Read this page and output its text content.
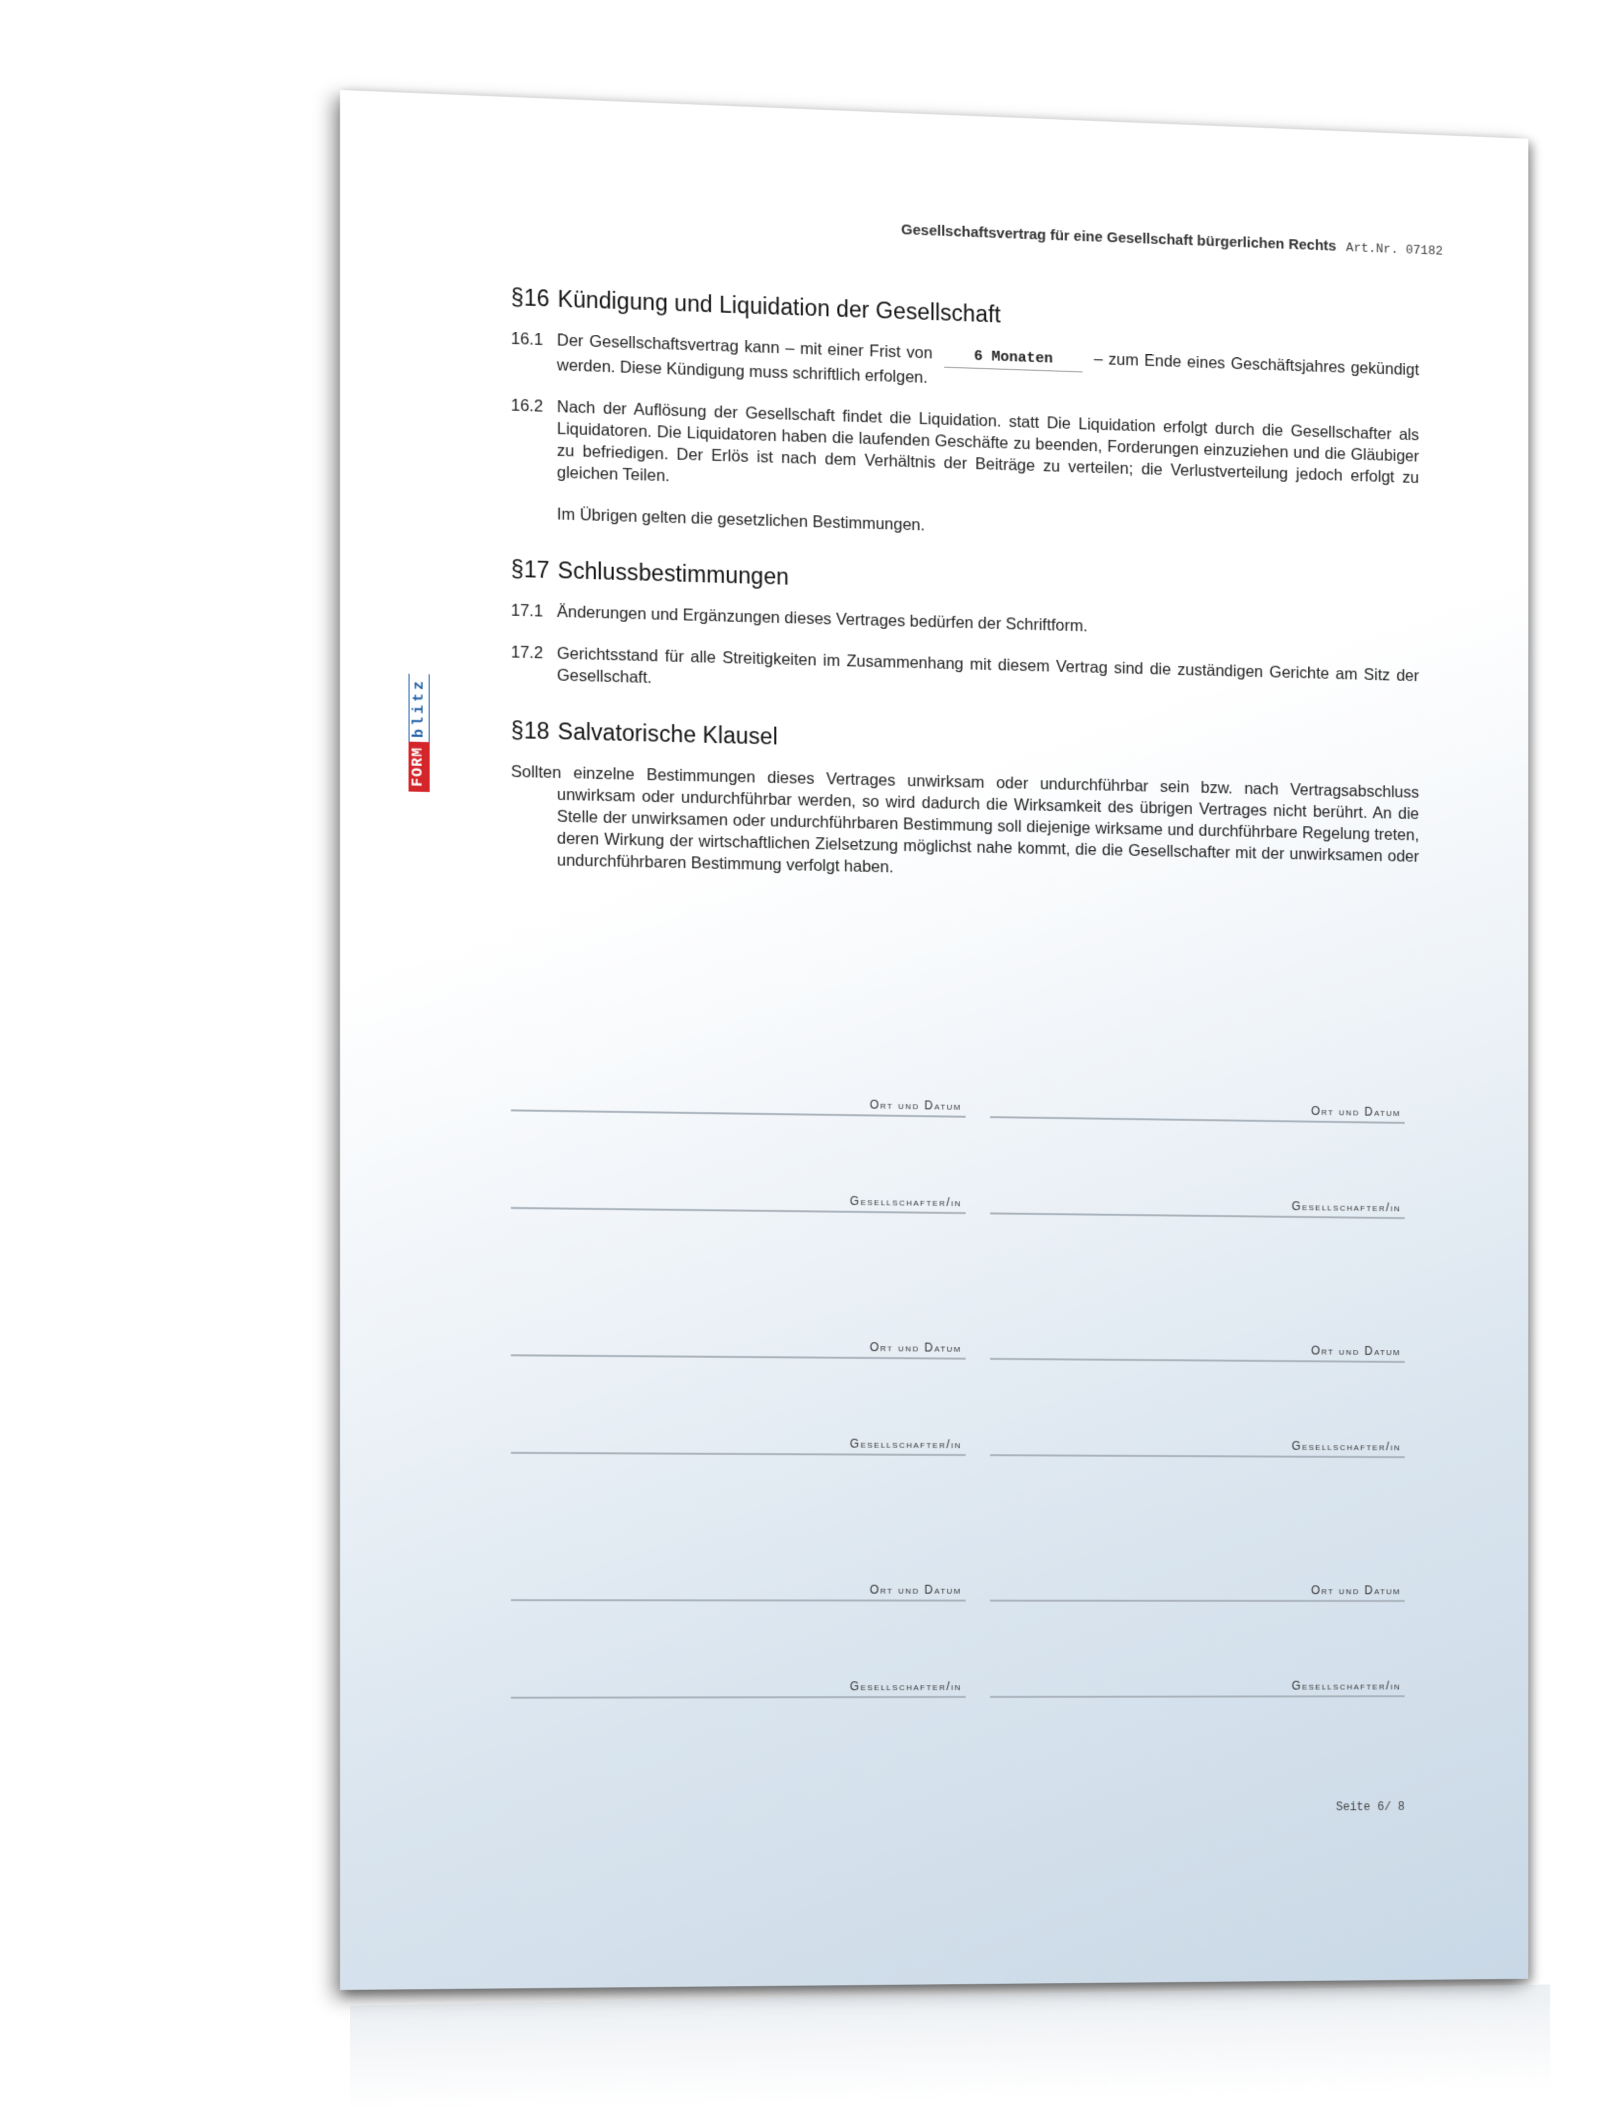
Gesellschaftsvertrag für eine Gesellschaft bürgerlichen Rechts Art.Nr. 07182
FORM
blitz
§16 Kündigung und Liquidation der Gesellschaft
16.1 Der Gesellschaftsvertrag kann – mit einer Frist von	6 Monaten – zum Ende eines Geschäftsjahres gekündigt werden. Diese Kündigung muss schriftlich erfolgen.
16.2 Nach der Auflösung der Gesellschaft findet die Liquidation. statt Die Liquidation erfolgt durch die Gesellschafter als Liquidatoren. Die Liquidatoren haben die laufenden Geschäfte zu beenden, Forderungen einzuziehen und die Gläubiger zu befriedigen. Der Erlös ist nach dem Verhältnis der Beiträge zu verteilen; die Verlustverteilung jedoch erfolgt zu gleichen Teilen.
Im Übrigen gelten die gesetzlichen Bestimmungen.
§17 Schlussbestimmungen
17.1 Änderungen und Ergänzungen dieses Vertrages bedürfen der Schriftform.
17.2 Gerichtsstand für alle Streitigkeiten im Zusammenhang mit diesem Vertrag sind die zuständigen Gerichte am Sitz der Gesellschaft.
§18 Salvatorische Klausel
Sollten einzelne Bestimmungen dieses Vertrages unwirksam oder undurchführbar sein bzw. nach Vertragsabschluss unwirksam oder undurchführbar werden, so wird dadurch die Wirksamkeit des übrigen Vertrages nicht berührt. An die Stelle der unwirksamen oder undurchführbaren Bestimmung soll diejenige wirksame und durchführbare Regelung treten, deren Wirkung der wirtschaftlichen Zielsetzung möglichst nahe kommt, die die Gesellschafter mit der unwirksamen oder undurchführbaren Bestimmung verfolgt haben.
Ort und Datum	Ort und Datum
Gesellschafter/in	Gesellschafter/in
Ort und Datum	Ort und Datum
Gesellschafter/in	Gesellschafter/in
Ort und Datum	Ort und Datum
Gesellschafter/in	Gesellschafter/in
Seite 6/ 8
